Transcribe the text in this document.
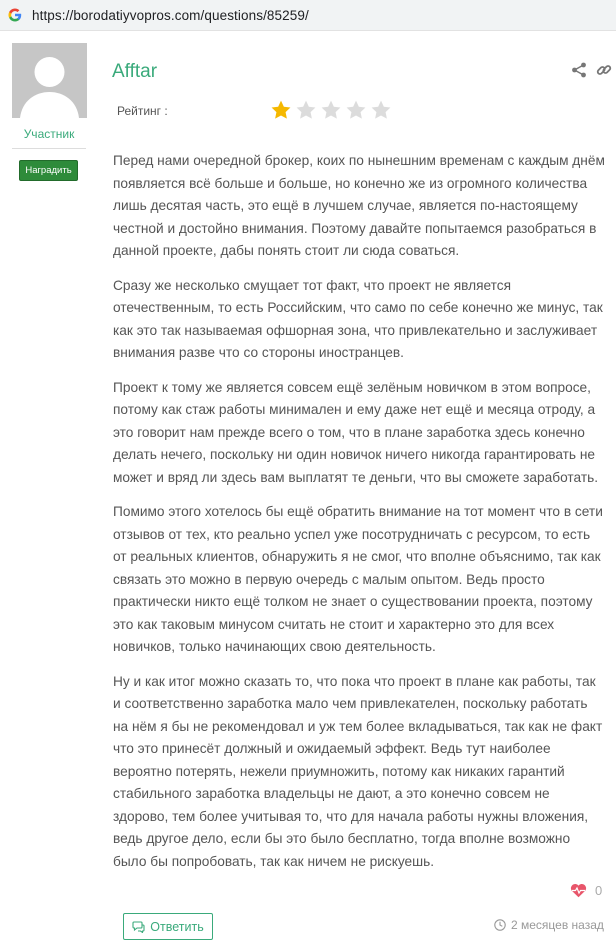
https://borodatiyvopros.com/questions/85259/
Участник
Наградить
Afftar
Рейтинг :

Перед нами очередной брокер, коих по нынешним временам с каждым днём появляется всё больше и больше, но конечно же из огромного количества лишь десятая часть, это ещё в лучшем случае, является по-настоящему честной и достойно внимания. Поэтому давайте попытаемся разобраться в данной проекте, дабы понять стоит ли сюда соваться.

Сразу же несколько смущает тот факт, что проект не является отечественным, то есть Российским, что само по себе конечно же минус, так как это так называемая офшорная зона, что привлекательно и заслуживает внимания разве что со стороны иностранцев.

Проект к тому же является совсем ещё зелёным новичком в этом вопросе, потому как стаж работы минимален и ему даже нет ещё и месяца отроду, а это говорит нам прежде всего о том, что в плане заработка здесь конечно делать нечего, поскольку ни один новичок ничего никогда гарантировать не может и вряд ли здесь вам выплатят те деньги, что вы сможете заработать.

Помимо этого хотелось бы ещё обратить внимание на тот момент что в сети отзывов от тех, кто реально успел уже посотрудничать с ресурсом, то есть от реальных клиентов, обнаружить я не смог, что вполне объяснимо, так как связать это можно в первую очередь с малым опытом. Ведь просто практически никто ещё толком не знает о существовании проекта, поэтому это как таковым минусом считать не стоит и характерно это для всех новичков, только начинающих свою деятельность.

Ну и как итог можно сказать то, что пока что проект в плане как работы, так и соответственно заработка мало чем привлекателен, поскольку работать на нём я бы не рекомендовал и уж тем более вкладываться, так как не факт что это принесёт должный и ожидаемый эффект. Ведь тут наиболее вероятно потерять, нежели приумножить, потому как никаких гарантий стабильного заработка владельцы не дают, а это конечно совсем не здорово, тем более учитывая то, что для начала работы нужны вложения, ведь другое дело, если бы это было бесплатно, тогда вполне возможно было бы попробовать, так как ничем не рискуешь.

0
Ответить	2 месяцев назад
